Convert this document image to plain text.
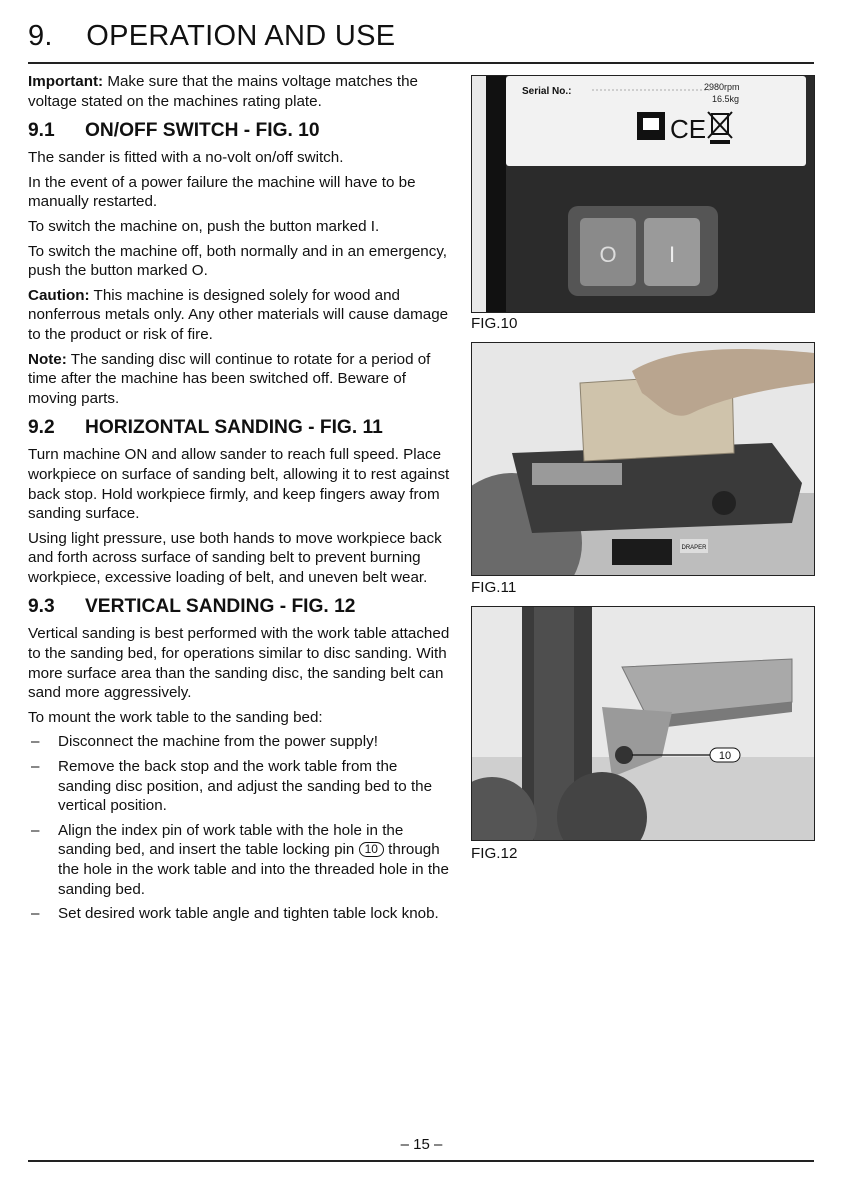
9. OPERATION AND USE

Important: Make sure that the mains voltage matches the voltage stated on the machines rating plate.

9.1 ON/OFF SWITCH - FIG. 10

The sander is fitted with a no-volt on/off switch.

In the event of a power failure the machine will have to be manually restarted.

To switch the machine on, push the button marked I.

To switch the machine off, both normally and in an emergency, push the button marked O.

Caution: This machine is designed solely for wood and nonferrous metals only. Any other materials will cause damage to the product or risk of fire.

Note: The sanding disc will continue to rotate for a period of time after the machine has been switched off. Beware of moving parts.

9.2 HORIZONTAL SANDING - FIG. 11

Turn machine ON and allow sander to reach full speed. Place workpiece on surface of sanding belt, allowing it to rest against back stop. Hold workpiece firmly, and keep fingers away from sanding surface.

Using light pressure, use both hands to move workpiece back and forth across surface of sanding belt to prevent burning workpiece, excessive loading of belt, and uneven belt wear.

9.3 VERTICAL SANDING - FIG. 12

Vertical sanding is best performed with the work table attached to the sanding bed, for operations similar to disc sanding. With more surface area than the sanding disc, the sanding belt can sand more aggressively.

To mount the work table to the sanding bed:

– Disconnect the machine from the power supply!
– Remove the back stop and the work table from the sanding disc position, and adjust the sanding bed to the vertical position.
– Align the index pin of work table with the hole in the sanding bed, and insert the table locking pin 10 through the hole in the work table and into the threaded hole in the sanding bed.
– Set desired work table angle and tighten table lock knob.
Serial No.:	2980rpm
16.5kg
CE
O I
FIG.10
DRAPER
FIG.11
10
FIG.12
– 15 –
